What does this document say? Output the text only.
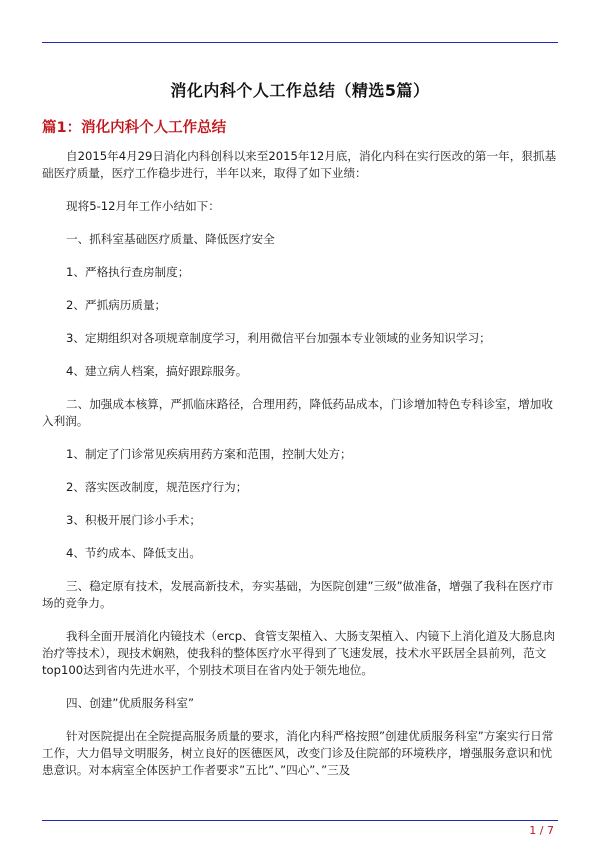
消化内科个人工作总结（精选5篇）
篇1：消化内科个人工作总结

自2015年4月29日消化内科创科以来至2015年12月底，消化内科在实行医改的第一年，狠抓基础医疗质量，医疗工作稳步进行，半年以来，取得了如下业绩：

现将5-12月年工作小结如下：

一、抓科室基础医疗质量、降低医疗安全

1、严格执行查房制度；

2、严抓病历质量；

3、定期组织对各项规章制度学习，利用微信平台加强本专业领域的业务知识学习；

4、建立病人档案，搞好跟踪服务。

二、加强成本核算，严抓临床路径，合理用药，降低药品成本，门诊增加特色专科诊室，增加收入利润。

1、制定了门诊常见疾病用药方案和范围，控制大处方；

2、落实医改制度，规范医疗行为；

3、积极开展门诊小手术；

4、节约成本、降低支出。

三、稳定原有技术，发展高新技术，夯实基础，为医院创建”三级”做准备，增强了我科在医疗市场的竞争力。

我科全面开展消化内镜技术（ercp、食管支架植入、大肠支架植入、内镜下上消化道及大肠息肉治疗等技术），现技术娴熟，使我科的整体医疗水平得到了飞速发展，技术水平跃居全县前列，范文top100达到省内先进水平，个别技术项目在省内处于领先地位。

四、创建”优质服务科室”

针对医院提出在全院提高服务质量的要求，消化内科严格按照”创建优质服务科室”方案实行日常工作，大力倡导文明服务，树立良好的医德医风，改变门诊及住院部的环境秩序，增强服务意识和忧患意识。对本病室全体医护工作者要求”五比”、”四心”、”三及

1 / 7
